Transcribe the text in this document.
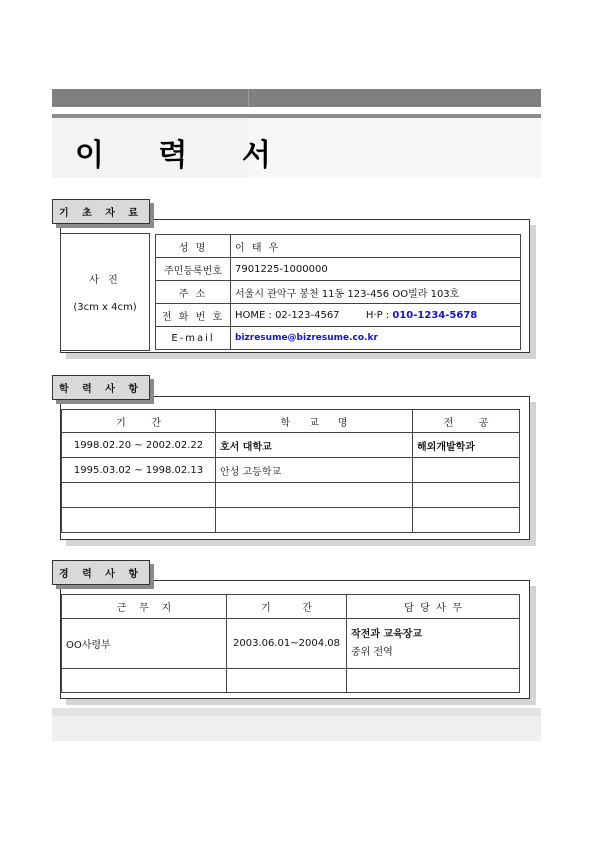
이 력 서
기 초 자 료
사 진
(3cm x 4cm)
성 명	이 태 우
주민등록번호	7901225-1000000
주 소	서울시 관악구 봉천 11동 123-456 OO빌라 103호
전 화 번 호	HOME : 02-123-4567 H·P : 010-1234-5678
E-mail	bizresume@bizresume.co.kr
학 력 사 항
기        간	학      교      명	전        공
1998.02.20 ~ 2002.02.22	호서 대학교	해외개발학과
1995.03.02 ~ 1998.02.13	안성 고등학교	

경 력 사 항
근    무    지	기          간	담  당  사  무
OO사령부	2003.06.01~2004.08	작전과 교육장교
중위 전역
